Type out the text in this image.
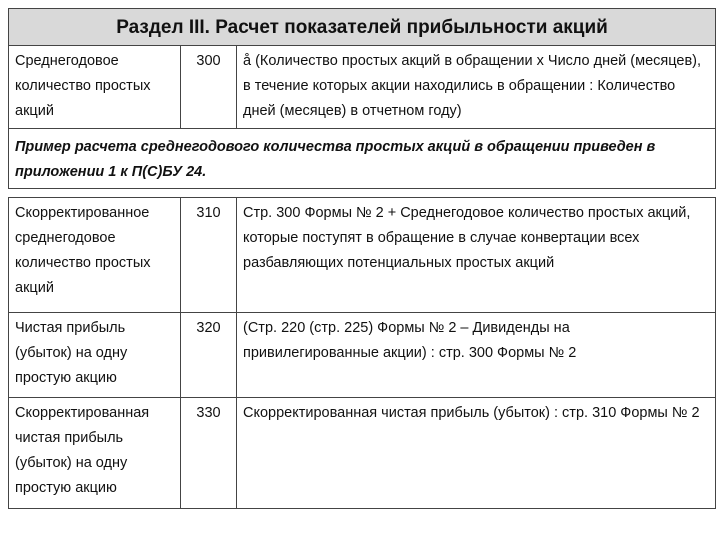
Раздел III. Расчет показателей прибыльности акций		
Среднегодовое количество простых акций	300	å (Количество простых акций в обращении x Число дней (месяцев), в течение которых акции находились в обращении : Количество дней (месяцев) в отчетном году)
Пример расчета среднегодового количества простых акций в обращении приведен в приложении 1 к П(С)БУ 24.		

Скорректированное среднегодовое количество простых акций	310	Стр. 300 Формы № 2 + Среднегодовое количество простых акций, которые поступят в обращение в случае конвертации всех разбавляющих потенциальных простых акций
Чистая прибыль (убыток) на одну простую акцию	320	(Стр. 220 (стр. 225) Формы № 2 – Дивиденды на привилегированные акции) : стр. 300 Формы № 2
Скорректированная чистая прибыль (убыток) на одну простую акцию	330	Скорректированная чистая прибыль (убыток) : стр. 310 Формы № 2
